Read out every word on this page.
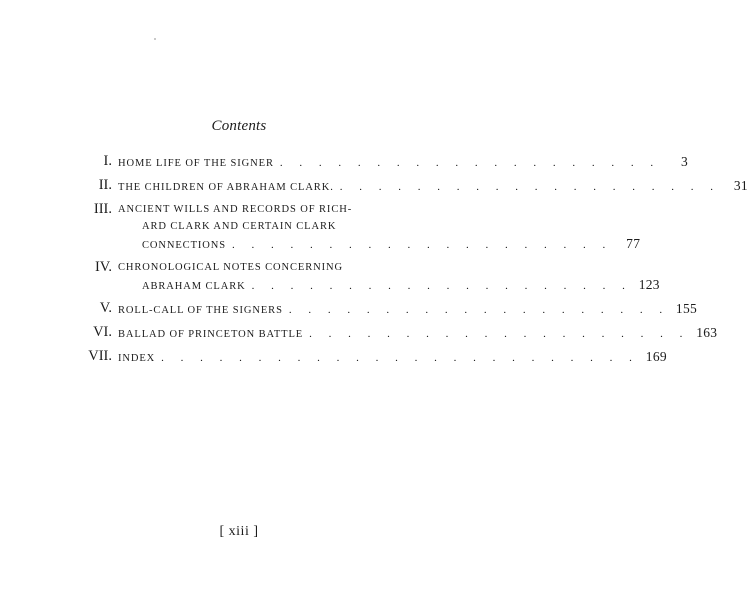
Contents
I. HOME LIFE OF THE SIGNER . . . . . . . . . . . . . . . . . . . .	3
II. THE CHILDREN OF ABRAHAM CLARK. . . . . . . . . . . . . . . . . . . . .	31
III. ANCIENT WILLS AND RECORDS OF RICH-
ARD CLARK AND CERTAIN CLARK
CONNECTIONS . . . . . . . . . . . . . . . . . . . .	77
IV. CHRONOLOGICAL NOTES CONCERNING
ABRAHAM CLARK . . . . . . . . . . . . . . . . . . . . 123
V. ROLL-CALL OF THE SIGNERS . . . . . . . . . . . . . . . . . . . . 155
VI. BALLAD OF PRINCETON BATTLE . . . . . . . . . . . . . . . . . . . . 163
VII. INDEX . . . . . . . . . . . . . . . . . . . . . . . . . 169
[ xiii ]
